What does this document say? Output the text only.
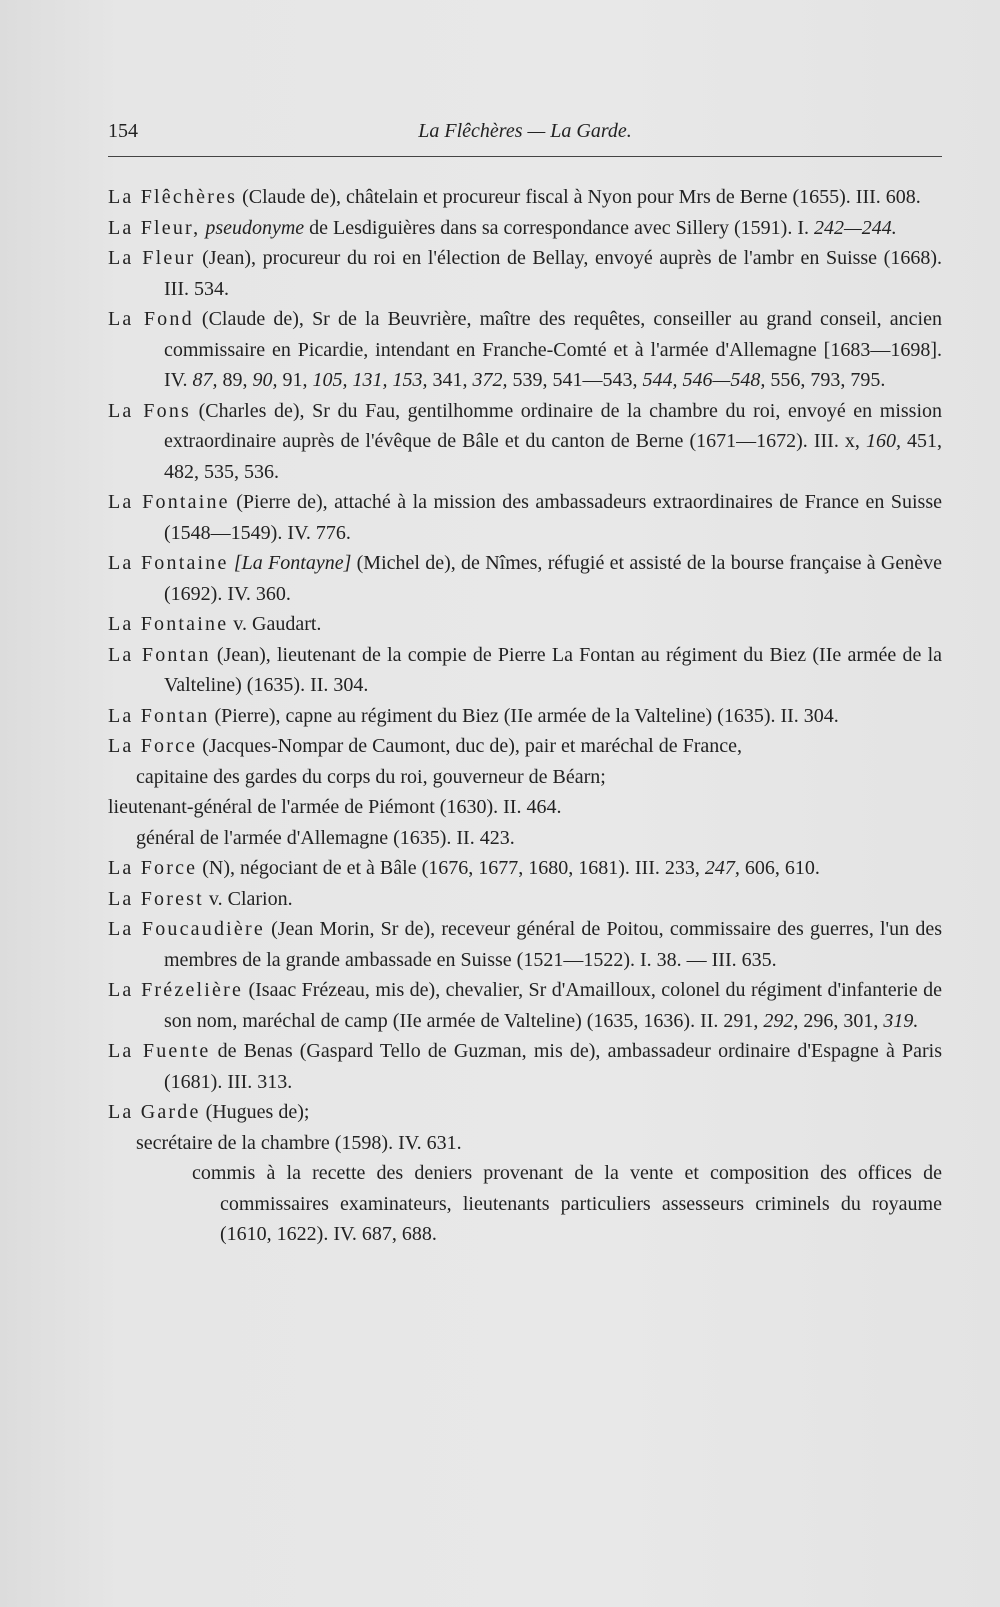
154	La Flêchères — La Garde.
La Flêchères (Claude de), châtelain et procureur fiscal à Nyon pour Mrs de Berne (1655). III. 608.
La Fleur, pseudonyme de Lesdiguières dans sa correspondance avec Sillery (1591). I. 242—244.
La Fleur (Jean), procureur du roi en l'élection de Bellay, envoyé auprès de l'ambr en Suisse (1668). III. 534.
La Fond (Claude de), Sr de la Beuvrière, maître des requêtes, conseiller au grand conseil, ancien commissaire en Picardie, intendant en Franche-Comté et à l'armée d'Allemagne [1683—1698]. IV. 87, 89, 90, 91, 105, 131, 153, 341, 372, 539, 541—543, 544, 546—548, 556, 793, 795.
La Fons (Charles de), Sr du Fau, gentilhomme ordinaire de la chambre du roi, envoyé en mission extraordinaire auprès de l'évêque de Bâle et du canton de Berne (1671—1672). III. x, 160, 451, 482, 535, 536.
La Fontaine (Pierre de), attaché à la mission des ambassadeurs extraordinaires de France en Suisse (1548—1549). IV. 776.
La Fontaine [La Fontayne] (Michel de), de Nîmes, réfugié et assisté de la bourse française à Genève (1692). IV. 360.
La Fontaine v. Gaudart.
La Fontan (Jean), lieutenant de la compie de Pierre La Fontan au régiment du Biez (IIe armée de la Valteline) (1635). II. 304.
La Fontan (Pierre), capne au régiment du Biez (IIe armée de la Valteline) (1635). II. 304.
La Force (Jacques-Nompar de Caumont, duc de), pair et maréchal de France,
capitaine des gardes du corps du roi, gouverneur de Béarn;
lieutenant-général de l'armée de Piémont (1630). II. 464.
général de l'armée d'Allemagne (1635). II. 423.
La Force (N), négociant de et à Bâle (1676, 1677, 1680, 1681). III. 233, 247, 606, 610.
La Forest v. Clarion.
La Foucaudière (Jean Morin, Sr de), receveur général de Poitou, commissaire des guerres, l'un des membres de la grande ambassade en Suisse (1521—1522). I. 38. — III. 635.
La Frézelière (Isaac Frézeau, mis de), chevalier, Sr d'Amailloux, colonel du régiment d'infanterie de son nom, maréchal de camp (IIe armée de Valteline) (1635, 1636). II. 291, 292, 296, 301, 319.
La Fuente de Benas (Gaspard Tello de Guzman, mis de), ambassadeur ordinaire d'Espagne à Paris (1681). III. 313.
La Garde (Hugues de);
secrétaire de la chambre (1598). IV. 631.
commis à la recette des deniers provenant de la vente et composition des offices de commissaires examinateurs, lieutenants particuliers assesseurs criminels du royaume (1610, 1622). IV. 687, 688.
